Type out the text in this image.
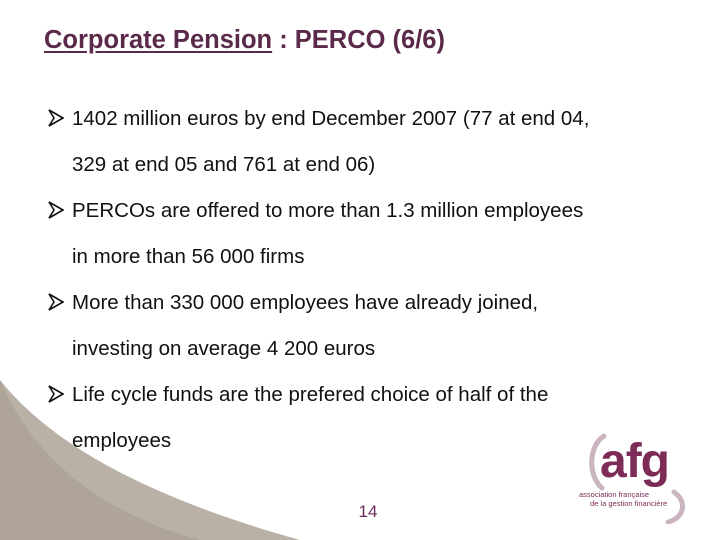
Corporate Pension : PERCO (6/6)
1402 million euros by end December 2007 (77 at end 04,
329 at end 05 and 761 at end 06)
PERCOs are offered to more than 1.3 million employees
in more than 56 000 firms
More than 330 000 employees have already joined,
investing on average 4 200 euros
Life cycle funds are the prefered choice of half of the
employees	afg
association française
de la gestion financière
14
